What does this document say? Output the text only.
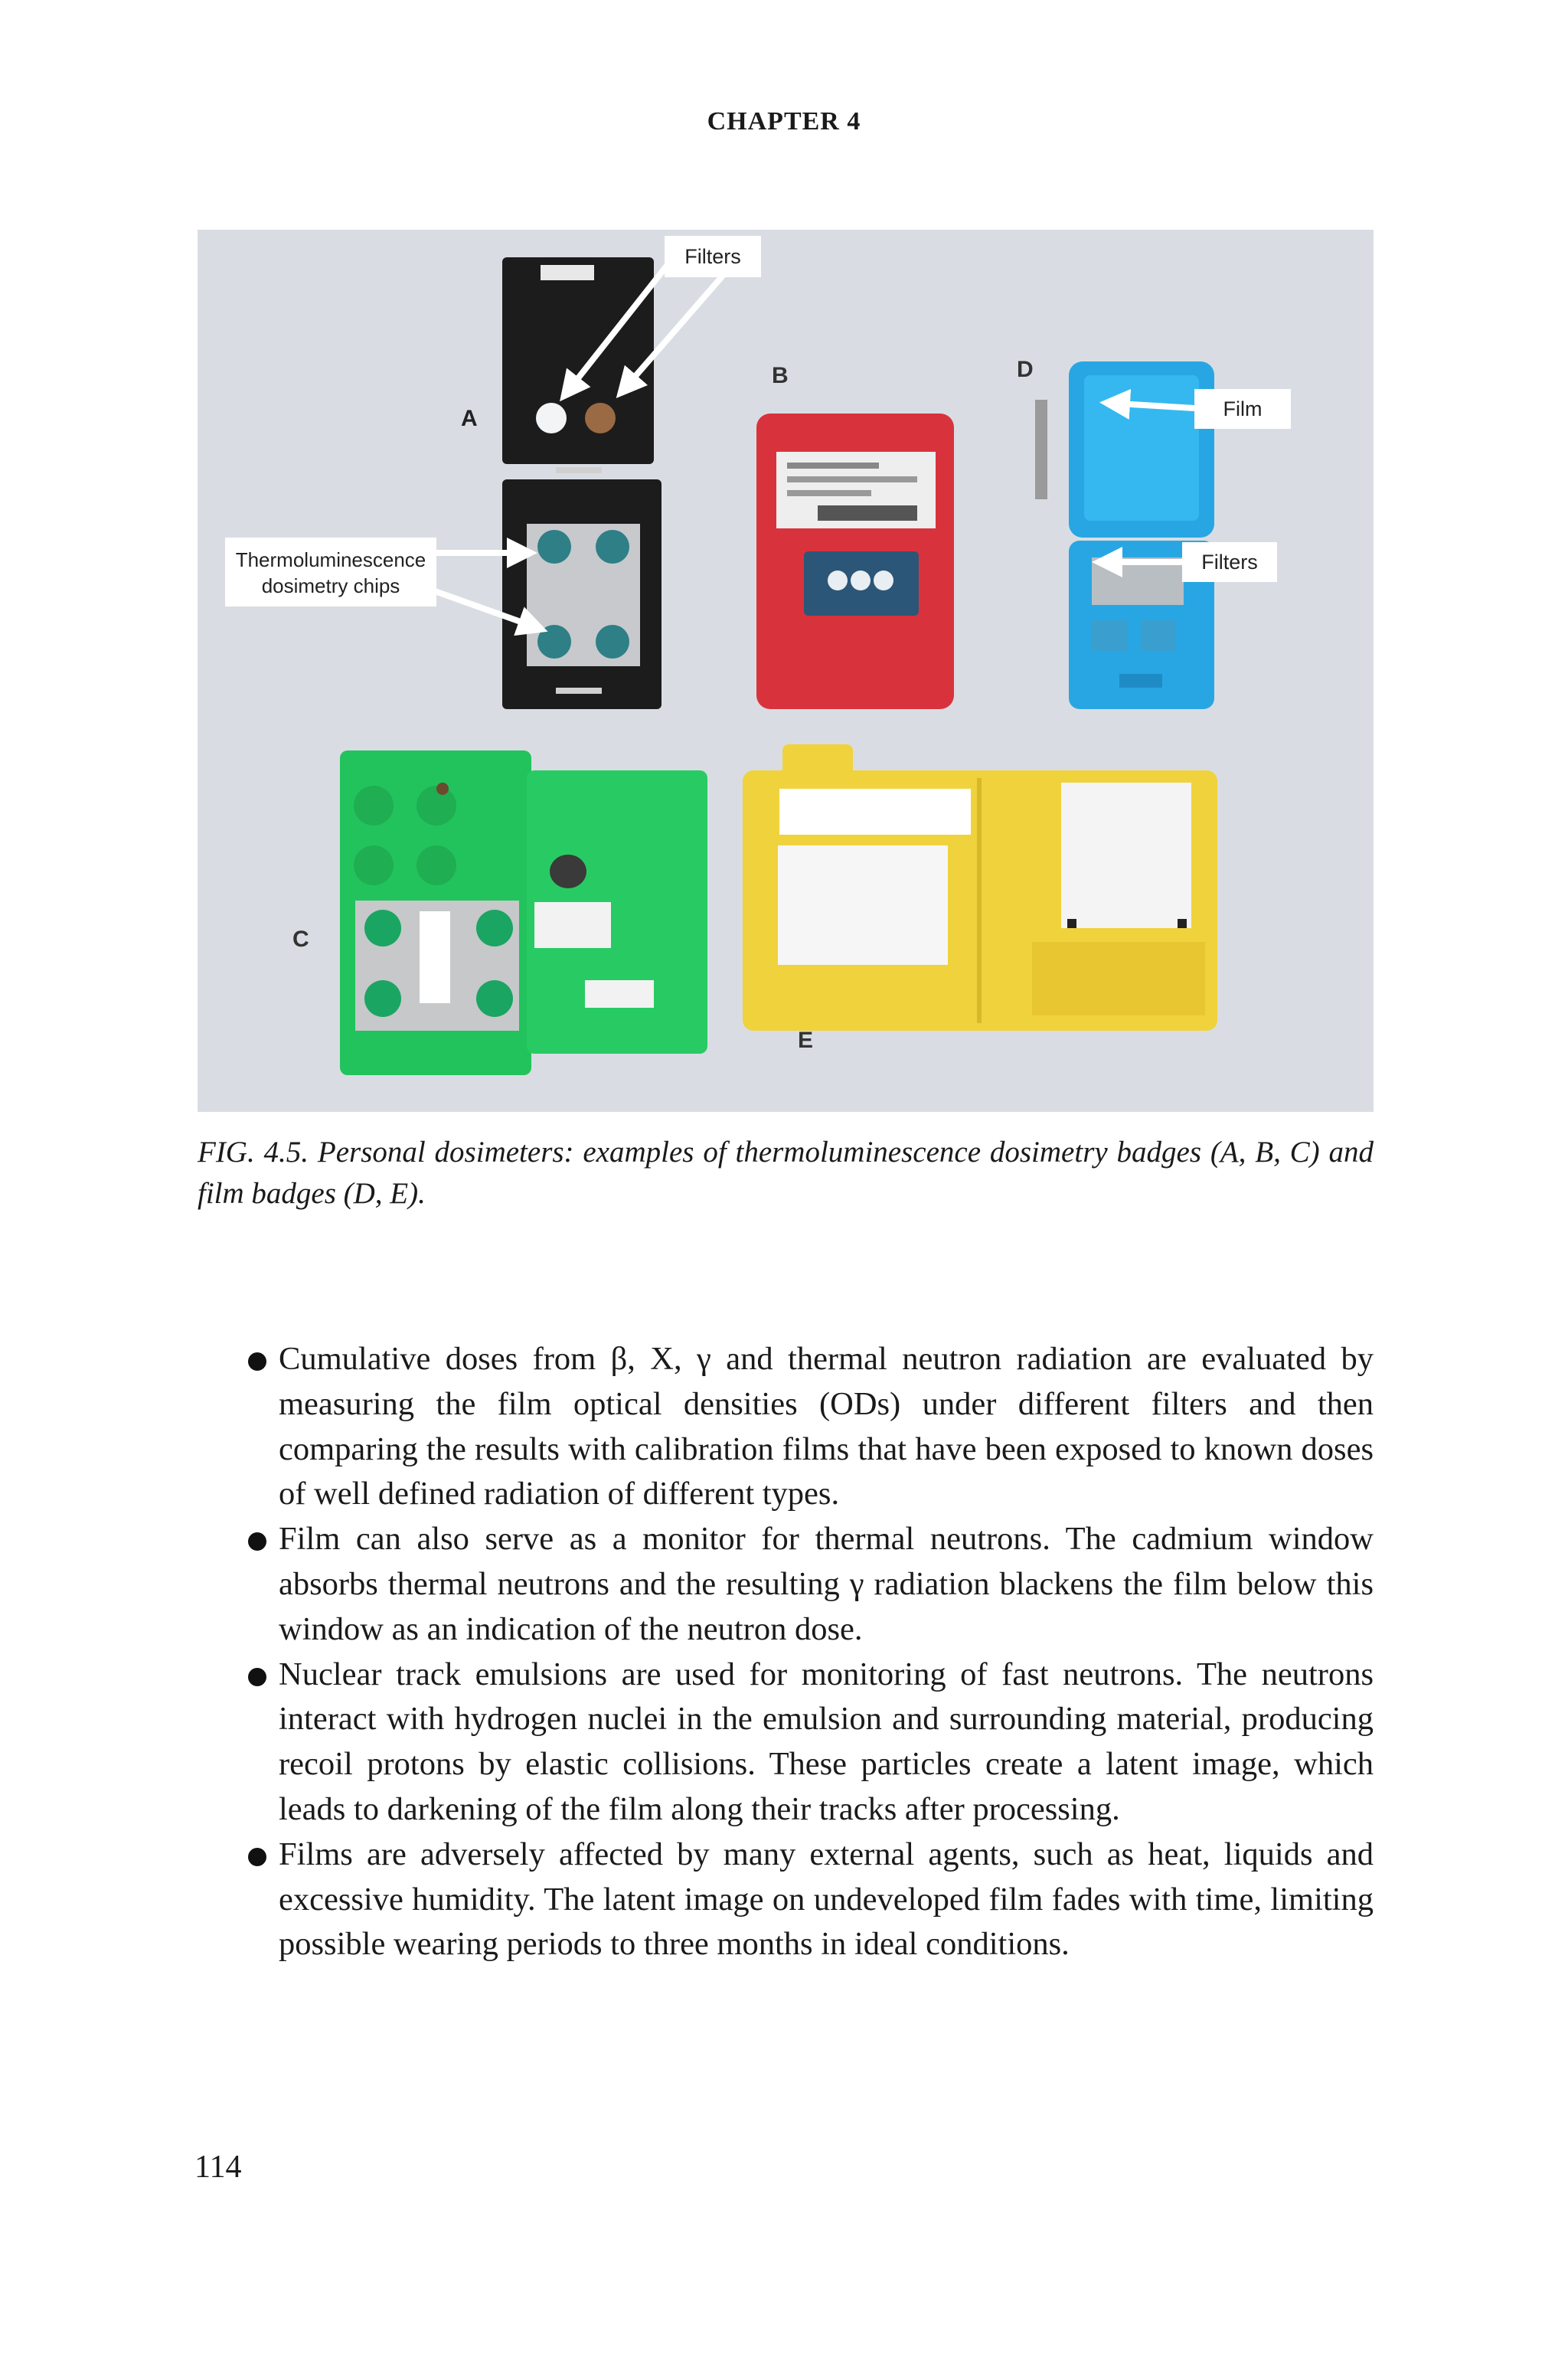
CHAPTER 4
A
B	D
C
E
Filters
Thermoluminescence
dosimetry chips
Film
Filters
FIG. 4.5. Personal dosimeters: examples of thermoluminescence dosimetry badges (A, B, C) and film badges (D, E).
Cumulative doses from β, X, γ and thermal neutron radiation are evaluated by measuring the film optical densities (ODs) under different filters and then comparing the results with calibration films that have been exposed to known doses of well defined radiation of different types.
Film can also serve as a monitor for thermal neutrons. The cadmium window absorbs thermal neutrons and the resulting γ radiation blackens the film below this window as an indication of the neutron dose.
Nuclear track emulsions are used for monitoring of fast neutrons. The neutrons interact with hydrogen nuclei in the emulsion and surrounding material, producing recoil protons by elastic collisions. These particles create a latent image, which leads to darkening of the film along their tracks after processing.
Films are adversely affected by many external agents, such as heat, liquids and excessive humidity. The latent image on undeveloped film fades with time, limiting possible wearing periods to three months in ideal conditions.
114
